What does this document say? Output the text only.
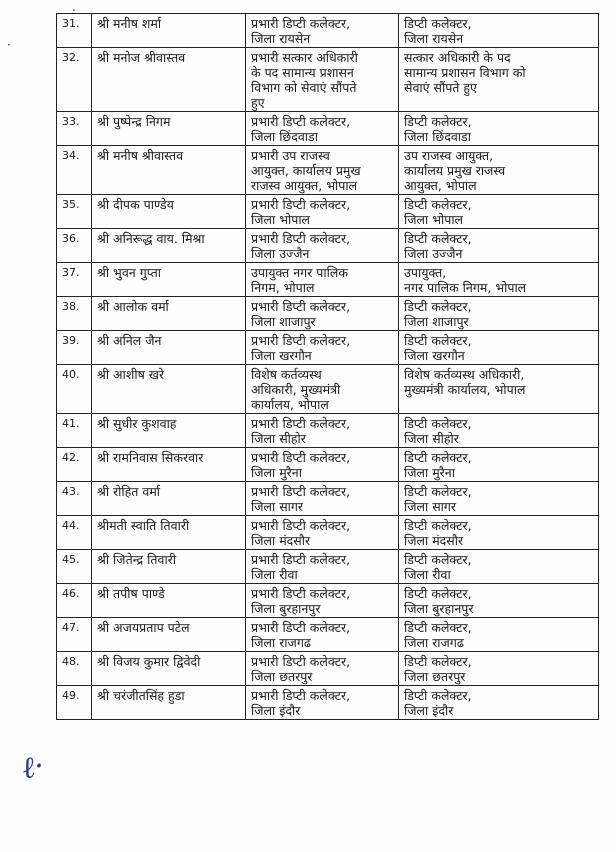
.
·
ℓ·
31.	श्री मनीष शर्मा	प्रभारी डिप्टी कलेक्टर,
जिला रायसेन	डिप्टी कलेक्टर,
जिला रायसेन

32.	श्री मनोज श्रीवास्तव	प्रभारी सत्कार अधिकारी
के पद सामान्य प्रशासन
विभाग को सेवाएं सौंपते
हुए	सत्कार अधिकारी के पद
सामान्य प्रशासन विभाग को
सेवाएं सौंपते हुए

33.	श्री पुष्पेन्द्र निगम	प्रभारी डिप्टी कलेक्टर,
जिला छिंदवाडा	डिप्टी कलेक्टर,
जिला छिंदवाडा

34.	श्री मनीष श्रीवास्तव	प्रभारी उप राजस्व
आयुक्त, कार्यालय प्रमुख
राजस्व आयुक्त, भोपाल	उप राजस्व आयुक्त,
कार्यालय प्रमुख राजस्व
आयुक्त, भोपाल

35.	श्री दीपक पाण्डेय	प्रभारी डिप्टी कलेक्टर,
जिला भोपाल	डिप्टी कलेक्टर,
जिला भोपाल

36.	श्री अनिरूद्ध वाय. मिश्रा	प्रभारी डिप्टी कलेक्टर,
जिला उज्जैन	डिप्टी कलेक्टर,
जिला उज्जैन

37.	श्री भुवन गुप्ता	उपायुक्त नगर पालिक
निगम, भोपाल	उपायुक्त,
नगर पालिक निगम, भोपाल

38.	श्री आलोक वर्मा	प्रभारी डिप्टी कलेक्टर,
जिला शाजापुर	डिप्टी कलेक्टर,
जिला शाजापुर

39.	श्री अनिल जैन	प्रभारी डिप्टी कलेक्टर,
जिला खरगौन	डिप्टी कलेक्टर,
जिला खरगौन

40.	श्री आशीष खरे	विशेष कर्तव्यस्थ
अधिकारी, मुख्यमंत्री
कार्यालय, भोपाल	विशेष कर्तव्यस्थ अधिकारी,
मुख्यमंत्री कार्यालय, भोपाल

41.	श्री सुधीर कुशवाह	प्रभारी डिप्टी कलेक्टर,
जिला सीहोर	डिप्टी कलेक्टर,
जिला सीहोर

42.	श्री रामनिवास सिकरवार	प्रभारी डिप्टी कलेक्टर,
जिला मुरैना	डिप्टी कलेक्टर,
जिला मुरैना

43.	श्री रोहित वर्मा	प्रभारी डिप्टी कलेक्टर,
जिला सागर	डिप्टी कलेक्टर,
जिला सागर

44.	श्रीमती स्वाति तिवारी	प्रभारी डिप्टी कलेक्टर,
जिला मंदसौर	डिप्टी कलेक्टर,
जिला मंदसौर

45.	श्री जितेन्द्र तिवारी	प्रभारी डिप्टी कलेक्टर,
जिला रीवा	डिप्टी कलेक्टर,
जिला रीवा

46.	श्री तपीष पाण्डे	प्रभारी डिप्टी कलेक्टर,
जिला बुरहानपुर	डिप्टी कलेक्टर,
जिला बुरहानपुर

47.	श्री अजयप्रताप पटेल	प्रभारी डिप्टी कलेक्टर,
जिला राजगढ	डिप्टी कलेक्टर,
जिला राजगढ

48.	श्री विजय कुमार द्विवेदी	प्रभारी डिप्टी कलेक्टर,
जिला छतरपुर	डिप्टी कलेक्टर,
जिला छतरपुर

49.	श्री चरंजीतसिंह हुडा	प्रभारी डिप्टी कलेक्टर,
जिला इंदौर	डिप्टी कलेक्टर,
जिला इंदौर
